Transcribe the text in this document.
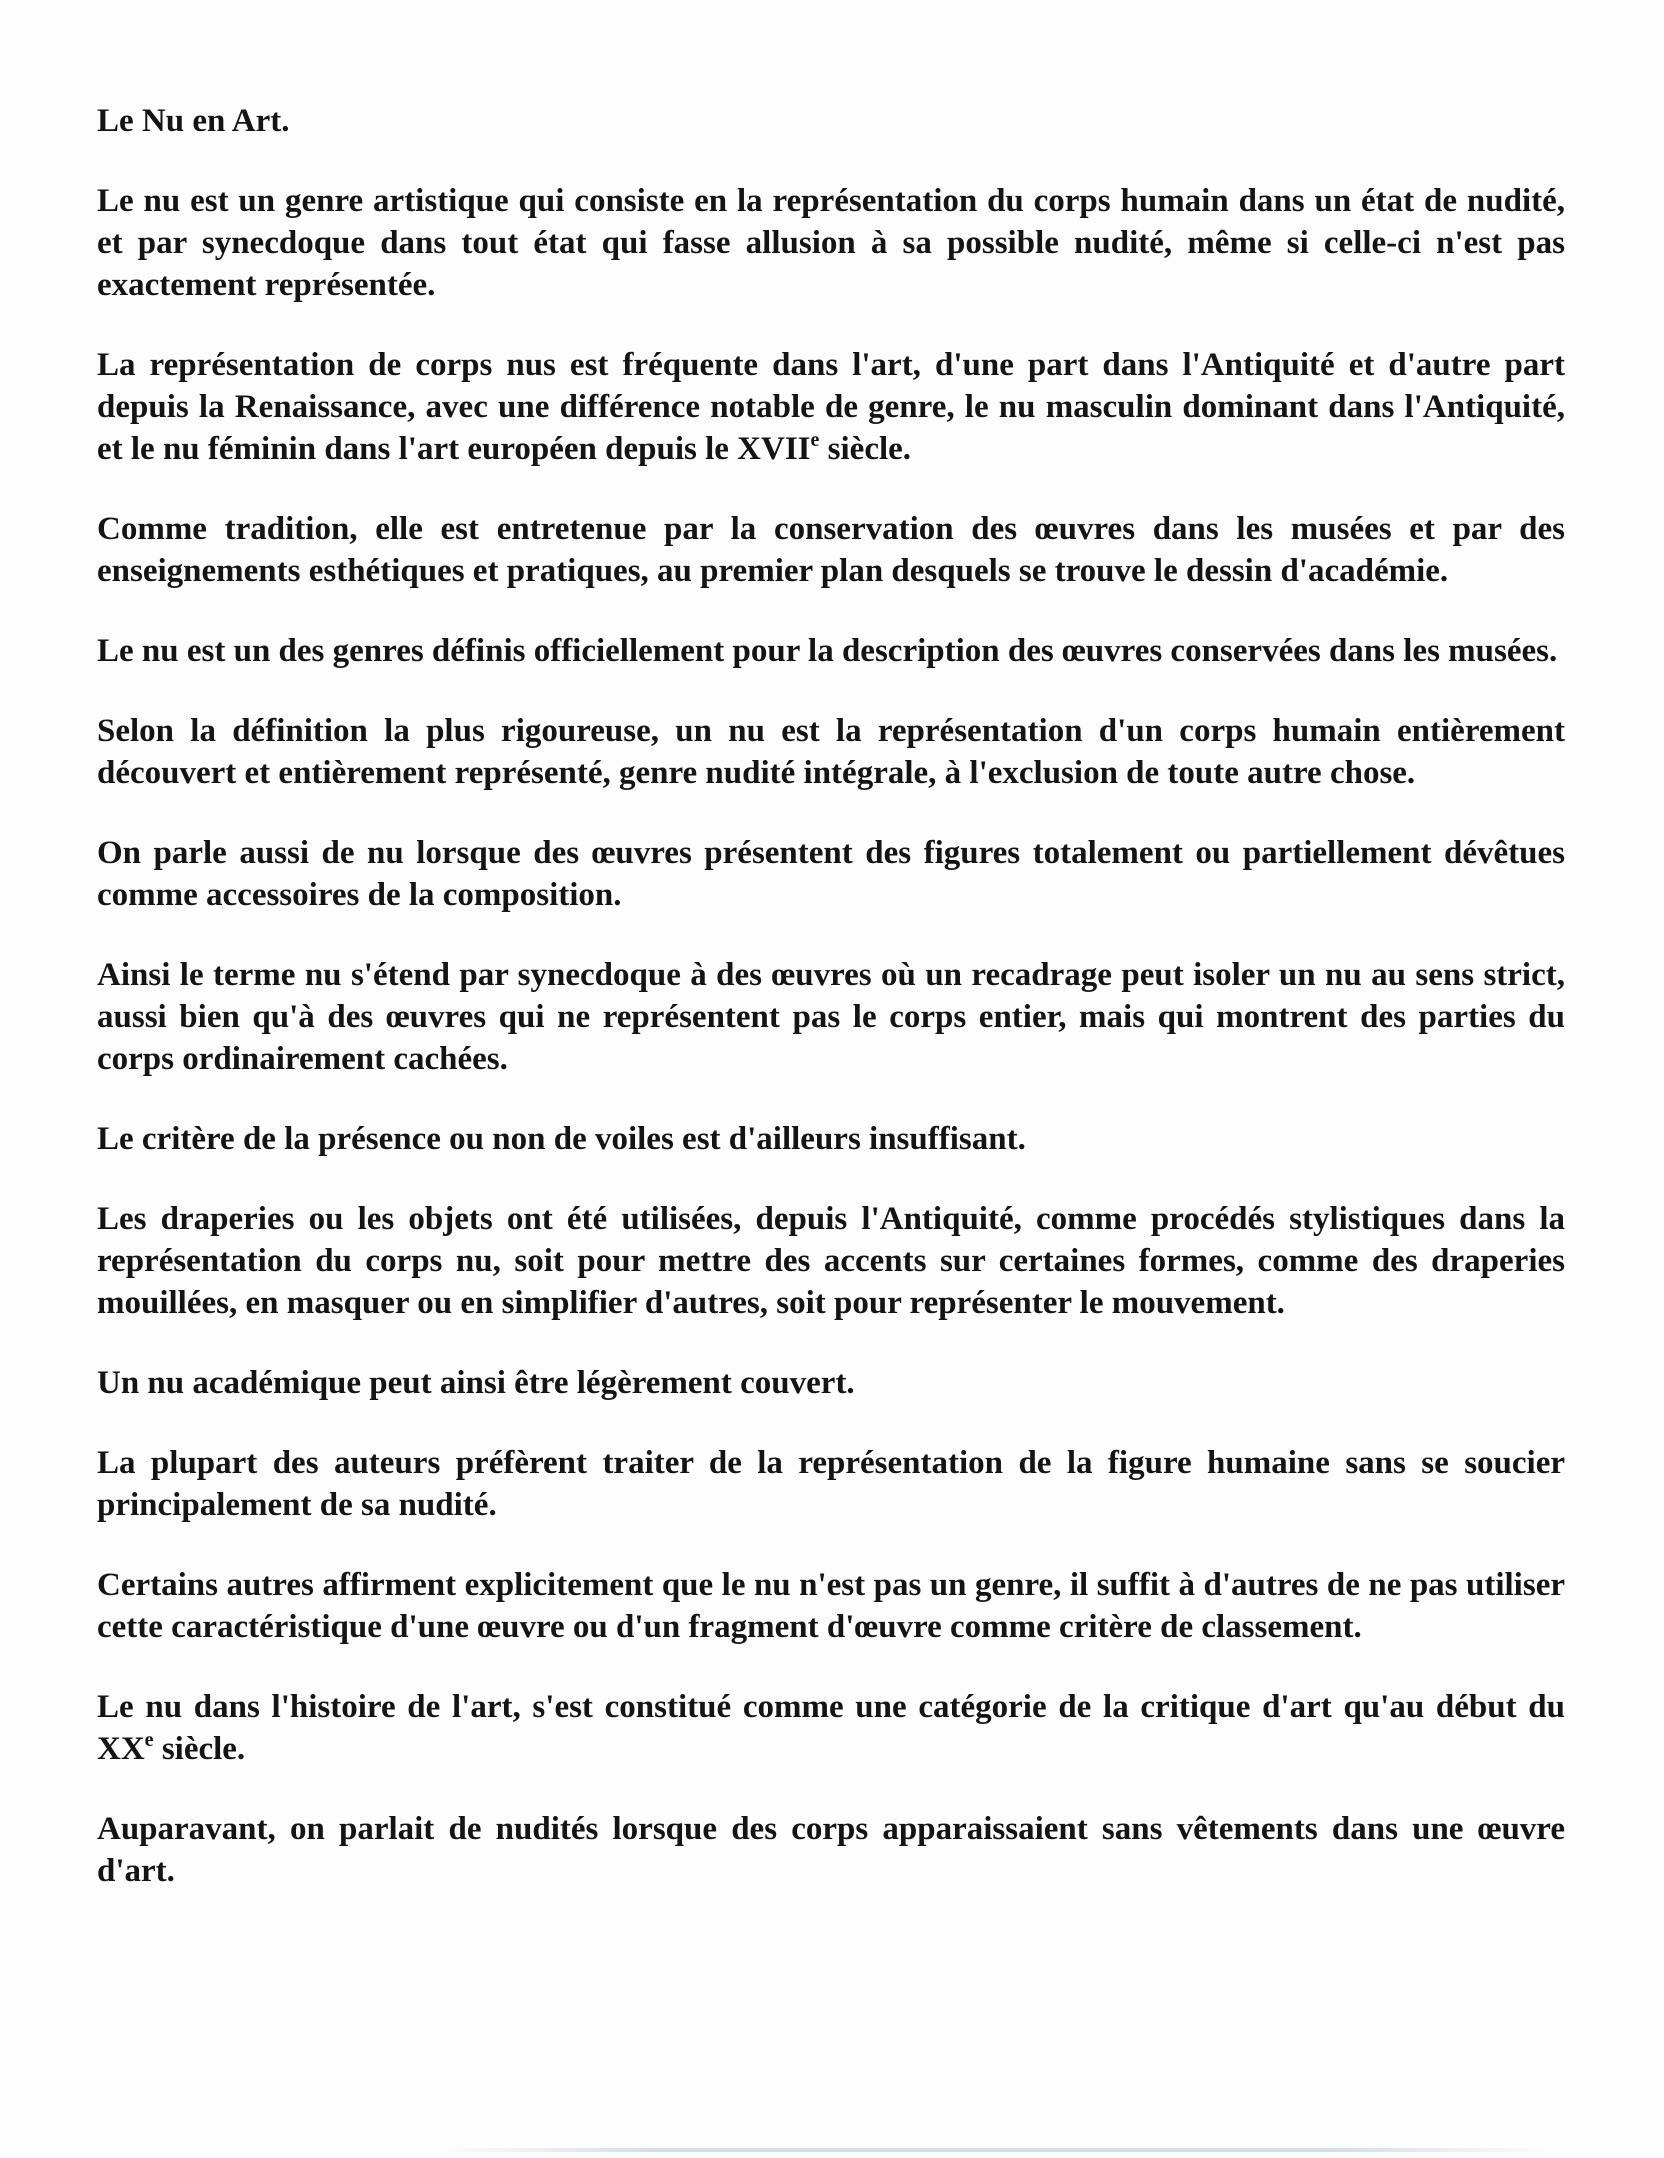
Le Nu en Art.

Le nu est un genre artistique qui consiste en la représentation du corps humain dans un état de nudité, et par synecdoque dans tout état qui fasse allusion à sa possible nudité, même si celle-ci n'est pas exactement représentée.

La représentation de corps nus est fréquente dans l'art, d'une part dans l'Antiquité et d'autre part depuis la Renaissance, avec une différence notable de genre, le nu masculin dominant dans l'Antiquité, et le nu féminin dans l'art européen depuis le XVIIe siècle.

Comme tradition, elle est entretenue par la conservation des œuvres dans les musées et par des enseignements esthétiques et pratiques, au premier plan desquels se trouve le dessin d'académie.

Le nu est un des genres définis officiellement pour la description des œuvres conservées dans les musées.

Selon la définition la plus rigoureuse, un nu est la représentation d'un corps humain entièrement découvert et entièrement représenté, genre nudité intégrale, à l'exclusion de toute autre chose.

On parle aussi de nu lorsque des œuvres présentent des figures totalement ou partiellement dévêtues comme accessoires de la composition.

Ainsi le terme nu s'étend par synecdoque à des œuvres où un recadrage peut isoler un nu au sens strict, aussi bien qu'à des œuvres qui ne représentent pas le corps entier, mais qui montrent des parties du corps ordinairement cachées.

Le critère de la présence ou non de voiles est d'ailleurs insuffisant.

Les draperies ou les objets ont été utilisées, depuis l'Antiquité, comme procédés stylistiques dans la représentation du corps nu, soit pour mettre des accents sur certaines formes, comme des draperies mouillées, en masquer ou en simplifier d'autres, soit pour représenter le mouvement.

Un nu académique peut ainsi être légèrement couvert.

La plupart des auteurs préfèrent traiter de la représentation de la figure humaine sans se soucier principalement de sa nudité.

Certains autres affirment explicitement que le nu n'est pas un genre, il suffit à d'autres de ne pas utiliser cette caractéristique d'une œuvre ou d'un fragment d'œuvre comme critère de classement.

Le nu dans l'histoire de l'art, s'est constitué comme une catégorie de la critique d'art qu'au début du XXe siècle.

Auparavant, on parlait de nudités lorsque des corps apparaissaient sans vêtements dans une œuvre d'art.
